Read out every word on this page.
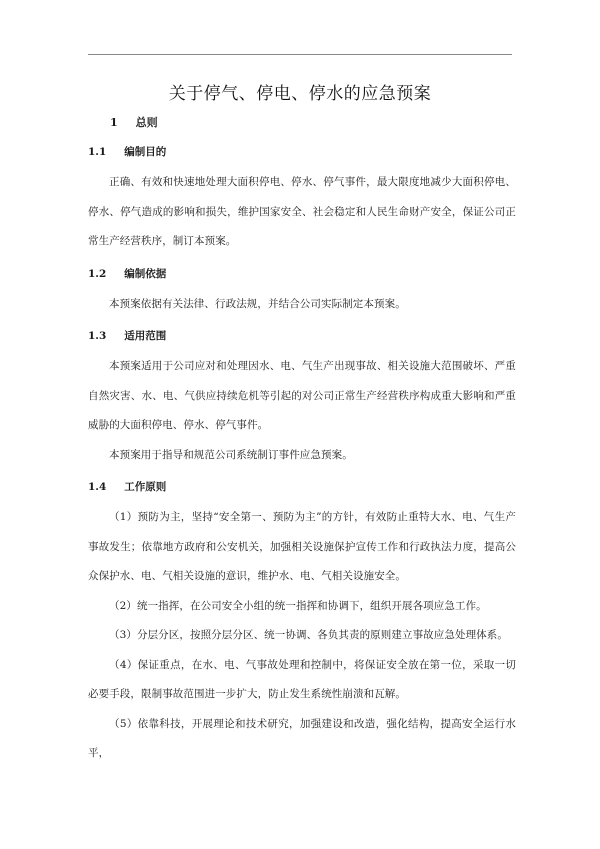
关于停气、停电、停水的应急预案
1 总则
1.1 编制目的

正确、有效和快速地处理大面积停电、停水、停气事件，最大限度地减少大面积停电、停水、停气造成的影响和损失，维护国家安全、社会稳定和人民生命财产安全，保证公司正常生产经营秩序，制订本预案。

1.2 编制依据

本预案依据有关法律、行政法规，并结合公司实际制定本预案。

1.3 适用范围

本预案适用于公司应对和处理因水、电、气生产出现事故、相关设施大范围破坏、严重自然灾害、水、电、气供应持续危机等引起的对公司正常生产经营秩序构成重大影响和严重威胁的大面积停电、停水、停气事件。

本预案用于指导和规范公司系统制订事件应急预案。

1.4 工作原则

（1）预防为主，坚持“安全第一、预防为主”的方针，有效防止重特大水、电、气生产事故发生；依靠地方政府和公安机关，加强相关设施保护宣传工作和行政执法力度，提高公众保护水、电、气相关设施的意识，维护水、电、气相关设施安全。

（2）统一指挥，在公司安全小组的统一指挥和协调下，组织开展各项应急工作。

（3）分层分区，按照分层分区、统一协调、各负其责的原则建立事故应急处理体系。

（4）保证重点，在水、电、气事故处理和控制中，将保证安全放在第一位，采取一切必要手段，限制事故范围进一步扩大，防止发生系统性崩溃和瓦解。

（5）依靠科技，开展理论和技术研究，加强建设和改造，强化结构，提高安全运行水平，
